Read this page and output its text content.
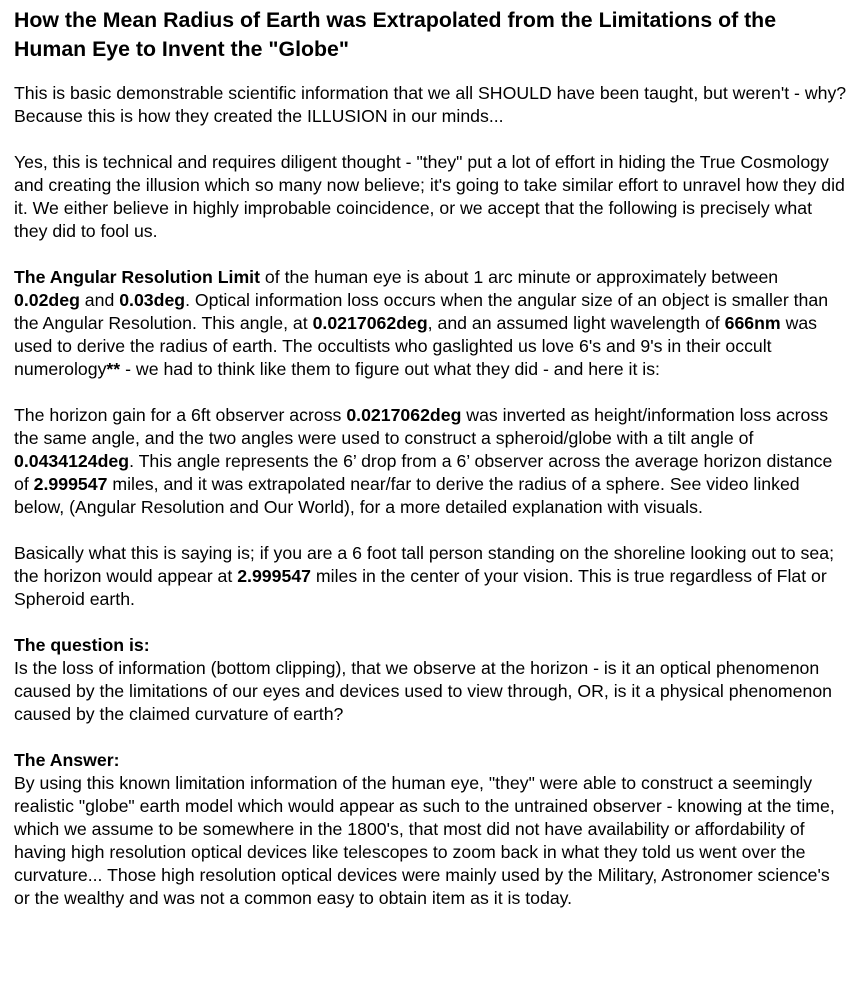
How the Mean Radius of Earth was Extrapolated from the Limitations of the Human Eye to Invent the "Globe"

This is basic demonstrable scientific information that we all SHOULD have been taught, but weren't - why? Because this is how they created the ILLUSION in our minds...

Yes, this is technical and requires diligent thought - "they" put a lot of effort in hiding the True Cosmology and creating the illusion which so many now believe; it's going to take similar effort to unravel how they did it. We either believe in highly improbable coincidence, or we accept that the following is precisely what they did to fool us.

The Angular Resolution Limit of the human eye is about 1 arc minute or approximately between 0.02deg and 0.03deg. Optical information loss occurs when the angular size of an object is smaller than the Angular Resolution. This angle, at 0.0217062deg, and an assumed light wavelength of 666nm was used to derive the radius of earth. The occultists who gaslighted us love 6's and 9's in their occult numerology** - we had to think like them to figure out what they did - and here it is:

The horizon gain for a 6ft observer across 0.0217062deg was inverted as height/information loss across the same angle, and the two angles were used to construct a spheroid/globe with a tilt angle of 0.0434124deg. This angle represents the 6’ drop from a 6’ observer across the average horizon distance of 2.999547 miles, and it was extrapolated near/far to derive the radius of a sphere. See video linked below, (Angular Resolution and Our World), for a more detailed explanation with visuals.

Basically what this is saying is; if you are a 6 foot tall person standing on the shoreline looking out to sea; the horizon would appear at 2.999547 miles in the center of your vision. This is true regardless of Flat or Spheroid earth.

The question is:
Is the loss of information (bottom clipping), that we observe at the horizon - is it an optical phenomenon caused by the limitations of our eyes and devices used to view through, OR, is it a physical phenomenon caused by the claimed curvature of earth?

The Answer:
By using this known limitation information of the human eye, "they" were able to construct a seemingly realistic "globe" earth model which would appear as such to the untrained observer - knowing at the time, which we assume to be somewhere in the 1800's, that most did not have availability or affordability of having high resolution optical devices like telescopes to zoom back in what they told us went over the curvature... Those high resolution optical devices were mainly used by the Military, Astronomer science's or the wealthy and was not a common easy to obtain item as it is today.
